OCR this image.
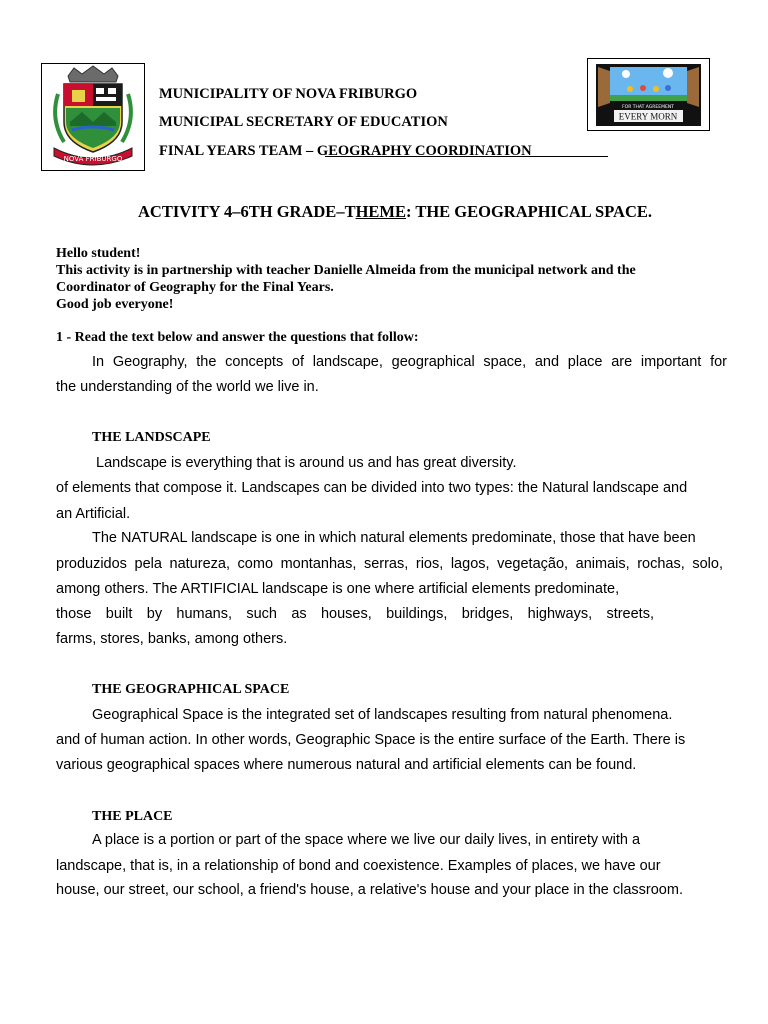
NOVA FRIBURGO
MUNICIPALITY OF NOVA FRIBURGO
MUNICIPAL SECRETARY OF EDUCATION
FINAL YEARS TEAM – GEOGRAPHY COORDINATION
FOR THAT AGREEMENT
EVERY MORN
ACTIVITY 4–6TH GRADE–THEME: THE GEOGRAPHICAL SPACE.
Hello student!
This activity is in partnership with teacher Danielle Almeida from the municipal network and the
Coordinator of Geography for the Final Years.
Good job everyone!
1 - Read the text below and answer the questions that follow:
In Geography, the concepts of landscape, geographical space, and place are important for
the understanding of the world we live in.
THE LANDSCAPE
Landscape is everything that is around us and has great diversity.
of elements that compose it. Landscapes can be divided into two types: the Natural landscape and
an Artificial.
The NATURAL landscape is one in which natural elements predominate, those that have been
produzidos pela natureza, como montanhas, serras, rios, lagos, vegetação, animais, rochas, solo,
among others. The ARTIFICIAL landscape is one where artificial elements predominate,
those built by humans, such as houses, buildings, bridges, highways, streets,
farms, stores, banks, among others.
THE GEOGRAPHICAL SPACE
Geographical Space is the integrated set of landscapes resulting from natural phenomena.
and of human action. In other words, Geographic Space is the entire surface of the Earth. There is
various geographical spaces where numerous natural and artificial elements can be found.
THE PLACE
A place is a portion or part of the space where we live our daily lives, in entirety with a
landscape, that is, in a relationship of bond and coexistence. Examples of places, we have our
house, our street, our school, a friend's house, a relative's house and your place in the classroom.
